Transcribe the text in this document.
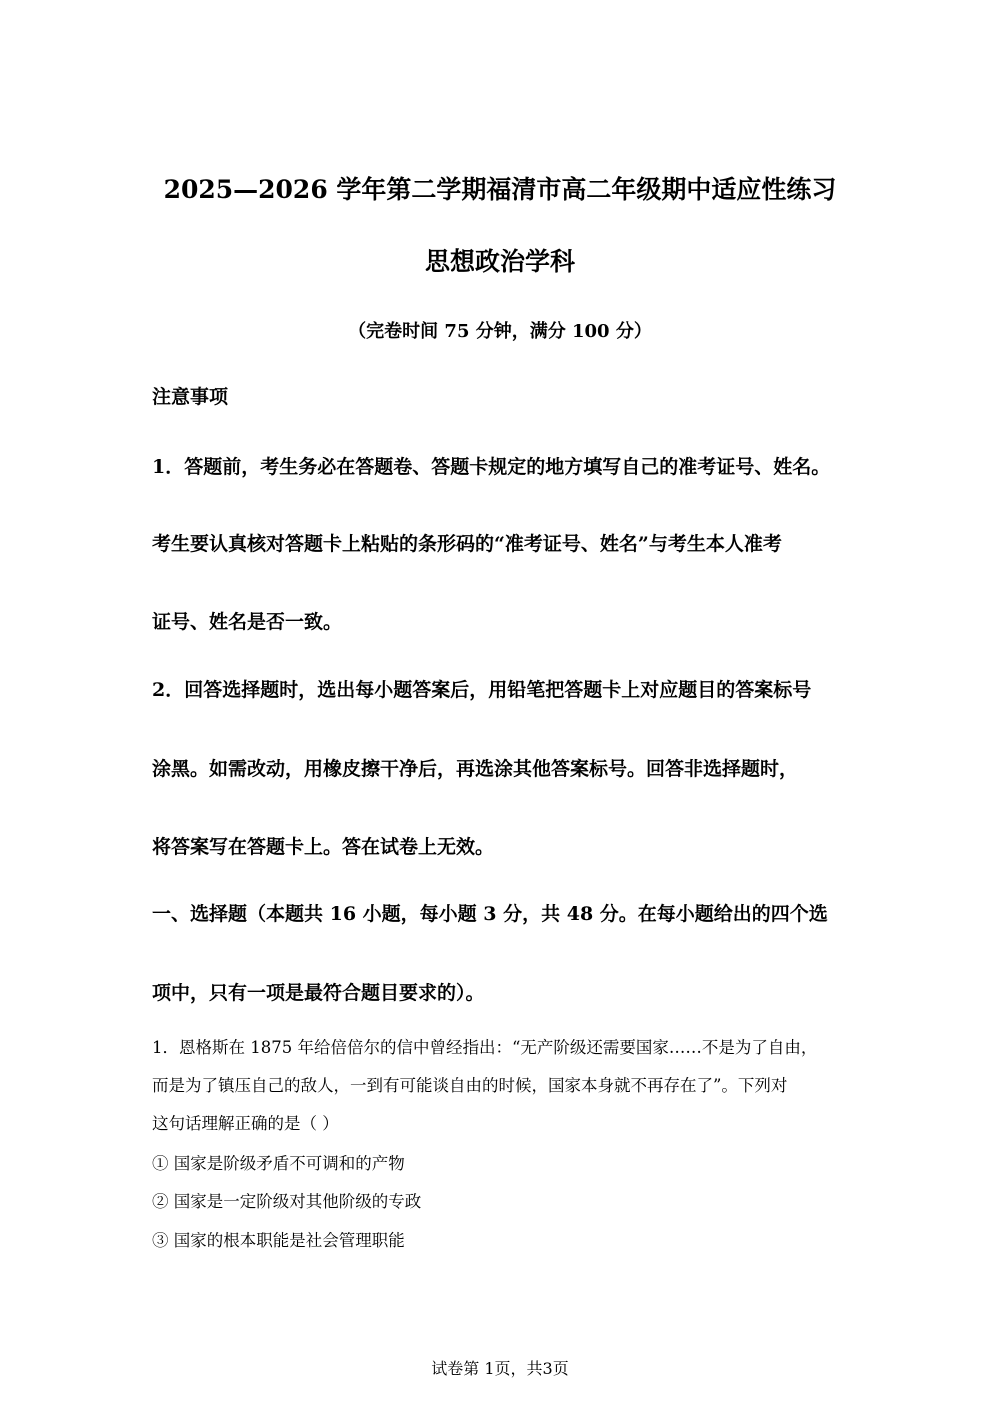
2025—2026 学年第二学期福清市高二年级期中适应性练习
思想政治学科
（完卷时间 75 分钟，满分 100 分）
注意事项
1．答题前，考生务必在答题卷、答题卡规定的地方填写自己的准考证号、姓名。
考生要认真核对答题卡上粘贴的条形码的“准考证号、姓名”与考生本人准考
证号、姓名是否一致。
2．回答选择题时，选出每小题答案后，用铅笔把答题卡上对应题目的答案标号
涂黑。如需改动，用橡皮擦干净后，再选涂其他答案标号。回答非选择题时，
将答案写在答题卡上。答在试卷上无效。
一、选择题（本题共 16 小题，每小题 3 分，共 48 分。在每小题给出的四个选
项中，只有一项是最符合题目要求的）。
1．恩格斯在 1875 年给倍倍尔的信中曾经指出：“无产阶级还需要国家……不是为了自由，
而是为了镇压自己的敌人，一到有可能谈自由的时候，国家本身就不再存在了”。下列对
这句话理解正确的是（ ）
① 国家是阶级矛盾不可调和的产物
② 国家是一定阶级对其他阶级的专政
③ 国家的根本职能是社会管理职能
试卷第 1页，共3页
